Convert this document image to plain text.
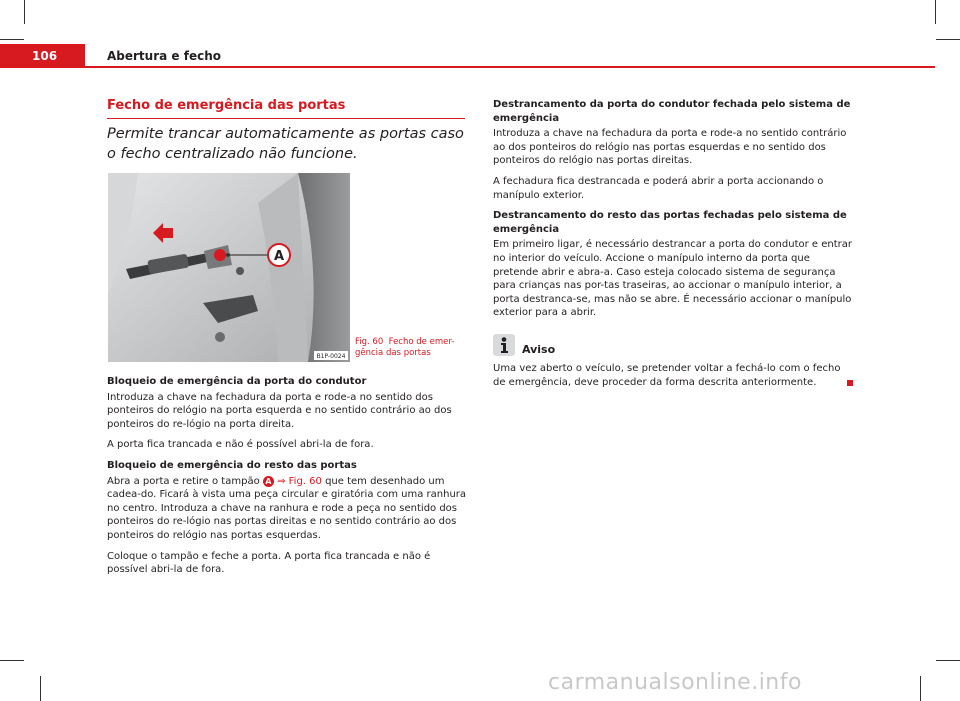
106	Abertura e fecho
Fecho de emergência das portas
Permite trancar automaticamente as portas caso o fecho centralizado não funcione.
A
B1P-0024
Fig. 60 Fecho de emer-gência das portas
Bloqueio de emergência da porta do condutor

Introduza a chave na fechadura da porta e rode-a no sentido dos ponteiros do relógio na porta esquerda e no sentido contrário ao dos ponteiros do re-lógio na porta direita.

A porta fica trancada e não é possível abri-la de fora.

Bloqueio de emergência do resto das portas

Abra a porta e retire o tampão A ⇒ Fig. 60 que tem desenhado um cadea-do. Ficará à vista uma peça circular e giratória com uma ranhura no centro. Introduza a chave na ranhura e rode a peça no sentido dos ponteiros do re-lógio nas portas direitas e no sentido contrário ao dos ponteiros do relógio nas portas esquerdas.

Coloque o tampão e feche a porta. A porta fica trancada e não é possível abri-la de fora.

Destrancamento da porta do condutor fechada pelo sistema de emergência

Introduza a chave na fechadura da porta e rode-a no sentido contrário ao dos ponteiros do relógio nas portas esquerdas e no sentido dos ponteiros do relógio nas portas direitas.

A fechadura fica destrancada e poderá abrir a porta accionando o manípulo exterior.

Destrancamento do resto das portas fechadas pelo sistema de emergência

Em primeiro ligar, é necessário destrancar a porta do condutor e entrar no interior do veículo. Accione o manípulo interno da porta que pretende abrir e abra-a. Caso esteja colocado sistema de segurança para crianças nas por-tas traseiras, ao accionar o manípulo interior, a porta destranca-se, mas não se abre. É necessário accionar o manípulo exterior para a abrir.

Aviso

Uma vez aberto o veículo, se pretender voltar a fechá-lo com o fecho de emergência, deve proceder da forma descrita anteriormente.

carmanualsonline.info
